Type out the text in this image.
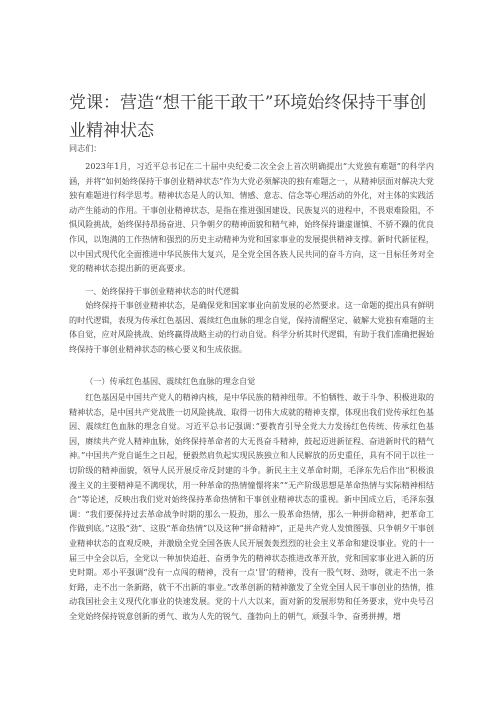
党课：营造“想干能干敢干”环境始终保持干事创业精神状态

同志们：

2023年1月，习近平总书记在二十届中央纪委二次全会上首次明确提出“大党独有难题”的科学内涵，并将“如何始终保持干事创业精神状态”作为大党必须解决的独有难题之一，从精神层面对解决大党独有难题进行科学思考。精神状态是人的认知、情感、意志、信念等心理活动的外化，对主体的实践活动产生能动的作用。干事创业精神状态，是指在推进强国建设、民族复兴的进程中，不畏艰难险阻，不惧风险挑战，始终保持昂扬奋进、只争朝夕的精神面貌和精气神，始终保持谦虚谨慎、不骄不躁的优良作风，以饱满的工作热情和强烈的历史主动精神为党和国家事业的发展提供精神支撑。新时代新征程，以中国式现代化全面推进中华民族伟大复兴，是全党全国各族人民共同的奋斗方向，这一目标任务对全党的精神状态提出新的更高要求。

一、始终保持干事创业精神状态的时代逻辑

始终保持干事创业精神状态，是确保党和国家事业向前发展的必然要求。这一命题的提出具有鲜明的时代逻辑，表现为传承红色基因、震续红色血脉的理念自觉，保持清醒坚定、破解大党独有难题的主体自觉，应对风险挑战、始终赢得战略主动的行动自觉。科学分析其时代逻辑，有助于我们准确把握始终保持干事创业精神状态的核心要义和生成依据。

（一）传承红色基因、震续红色血脉的理念自觉

红色基因是中国共产党人的精神内核，是中华民族的精神纽带。不怕牺牲、敢于斗争、积极进取的精神状态，是中国共产党战胜一切风险挑战、取得一切伟大成就的精神支撑，体现出我们党传承红色基因、震续红色血脉的理念自觉。习近平总书记强调：”要教育引导全党大力发扬红色传统、传承红色基因，赓续共产党人精神血脉，始终保持革命者的大无畏奋斗精神，鼓起迈进新征程、奋进新时代的精气神。”中国共产党自诞生之日起，便毅然肩负起实现民族独立和人民解放的历史重任，具有不同于以往一切阶级的精神面貌，领导人民开展反帝反封建的斗争。新民主主义革命时期，毛泽东先后作出“积极浪漫主义的主要精神是不满现状，用一种革命的热情憧憬将来”“无产阶级思想是革命热情与实际精神相结合”等论述，反映出我们党对始终保持革命热情和干事创业精神状态的重视。新中国成立后，毛泽东强调：“我们要保持过去革命战争时期的那么一股劲，那么一股革命热情，那么一种拼命精神，把革命工作做到底。”这股“劲”、这股“革命热情”以及这种“拼命精神”，正是共产党人发愤图强、只争朝夕干事创业精神状态的直观反映，并激励全党全国各族人民开展轰轰烈烈的社会主义革命和建设事业。党的十一届三中全会以后，全党以一种加快追赶、奋勇争先的精神状态推进改革开放，党和国家事业进入新的历史时期。邓小平强调“没有一点闯的精神，没有一点‘冒’的精神，没有一股气呀、劲呀，就走不出一条好路，走不出一条新路，就干不出新的事业。”改革创新的精神激发了全党全国人民干事创业的热情，推动我国社会主义现代化事业的快速发展。党的十八大以来，面对新的发展形势和任务要求，党中央号召全党始终保持锐意创新的勇气、敢为人先的锐气、蓬勃向上的朝气，顽强斗争、奋勇拼搏，增
